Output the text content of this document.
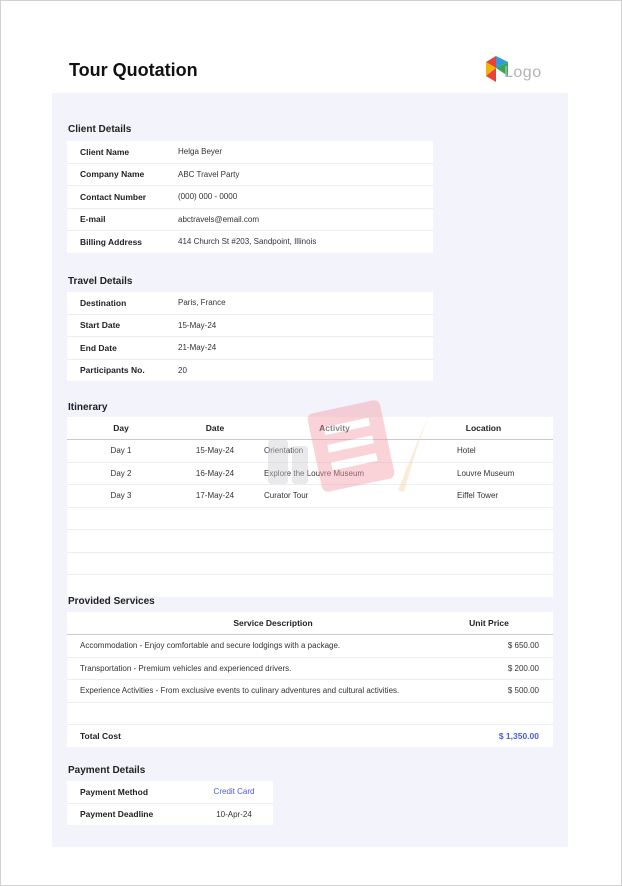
Tour Quotation	Logo
Client Details
Client Name	Helga Beyer
Company Name	ABC Travel Party
Contact Number	(000) 000 - 0000
E-mail	abctravels@email.com
Billing Address	414 Church St #203, Sandpoint, Illinois
Travel Details
Destination	Paris, France
Start Date	15-May-24
End Date	21-May-24
Participants No.	20
Itinerary
Day	Date	Activity	Location
Day 1	15-May-24	Orientation	Hotel
Day 2	16-May-24	Explore the Louvre Museum	Louvre Museum
Day 3	17-May-24	Curator Tour	Eiffel Tower
Provided Services
Service Description	Unit Price
Accommodation - Enjoy comfortable and secure lodgings with a package.	$ 650.00
Transportation - Premium vehicles and experienced drivers.	$ 200.00
Experience Activities - From exclusive events to culinary adventures and cultural activities.	$ 500.00
Total Cost	$ 1,350.00
Payment Details
Payment Method	Credit Card
Payment Deadline	10-Apr-24
